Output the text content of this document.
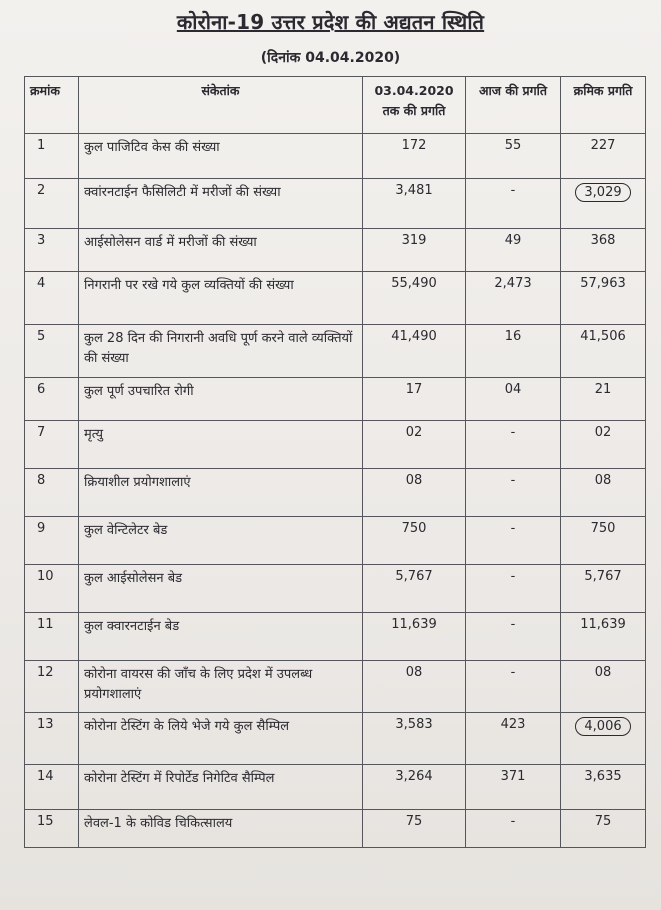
कोरोना-19 उत्तर प्रदेश की अद्यतन स्थिति
(दिनांक 04.04.2020)
क्रमांक	संकेतांक	03.04.2020 तक की प्रगति	आज की प्रगति	क्रमिक प्रगति
1	कुल पाजिटिव केस की संख्या	172	55	227
2	क्वांरनटाईन फैसिलिटी में मरीजों की संख्या	3,481	-	3,029
3	आईसोलेसन वार्ड में मरीजों की संख्या	319	49	368
4	निगरानी पर रखे गये कुल व्यक्तियों की संख्या	55,490	2,473	57,963
5	कुल 28 दिन की निगरानी अवधि पूर्ण करने वाले व्यक्तियों की संख्या	41,490	16	41,506
6	कुल पूर्ण उपचारित रोगी	17	04	21
7	मृत्यु	02	-	02
8	क्रियाशील प्रयोगशालाएं	08	-	08
9	कुल वेन्टिलेटर बेड	750	-	750
10	कुल आईसोलेसन बेड	5,767	-	5,767
11	कुल क्वारनटाईन बेड	11,639	-	11,639
12	कोरोना वायरस की जाँच के लिए प्रदेश में उपलब्ध प्रयोगशालाएं	08	-	08
13	कोरोना टेस्टिंग के लिये भेजे गये कुल सैम्पिल	3,583	423	4,006
14	कोरोना टेस्टिंग में रिपोर्टेड निगेटिव सैम्पिल	3,264	371	3,635
15	लेवल-1 के कोविड चिकित्सालय	75	-	75
